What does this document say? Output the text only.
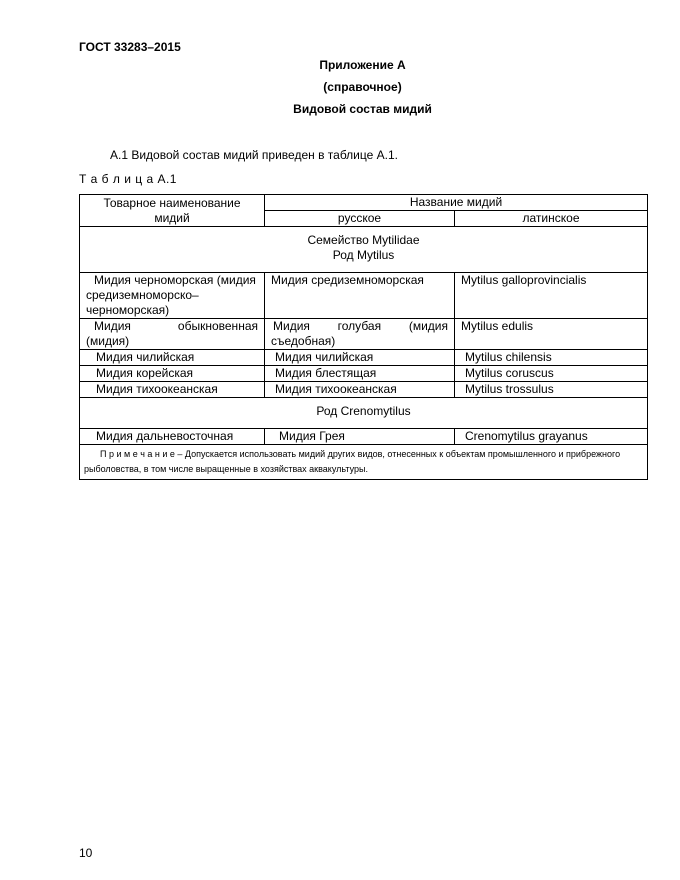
ГОСТ 33283–2015
Приложение А
(справочное)
Видовой состав мидий
А.1 Видовой состав мидий приведен в таблице А.1.
Т а б л и ц а А.1
Товарное наименование мидий	Название мидий	
	русское	латинское

Семейство Mytilidae
Род Mytilus		

Мидия черноморская (мидия средиземноморско–черноморская)	Мидия средиземноморская	Mytilus galloprovincialis
Мидия обыкновенная (мидия)	Мидия голубая (мидия съедобная)	Mytilus edulis
Мидия чилийская	Мидия чилийская	Mytilus chilensis
Мидия корейская	Мидия блестящая	Mytilus coruscus
Мидия тихоокеанская	Мидия тихоокеанская	Mytilus trossulus
Род Crenomytilus		
Мидия дальневосточная	Мидия Грея	Crenomytilus grayanus
П р и м е ч а н и е – Допускается использовать мидий других видов, отнесенных к объектам промышленного и прибрежного рыболовства, в том числе выращенные в хозяйствах аквакультуры.		
10
